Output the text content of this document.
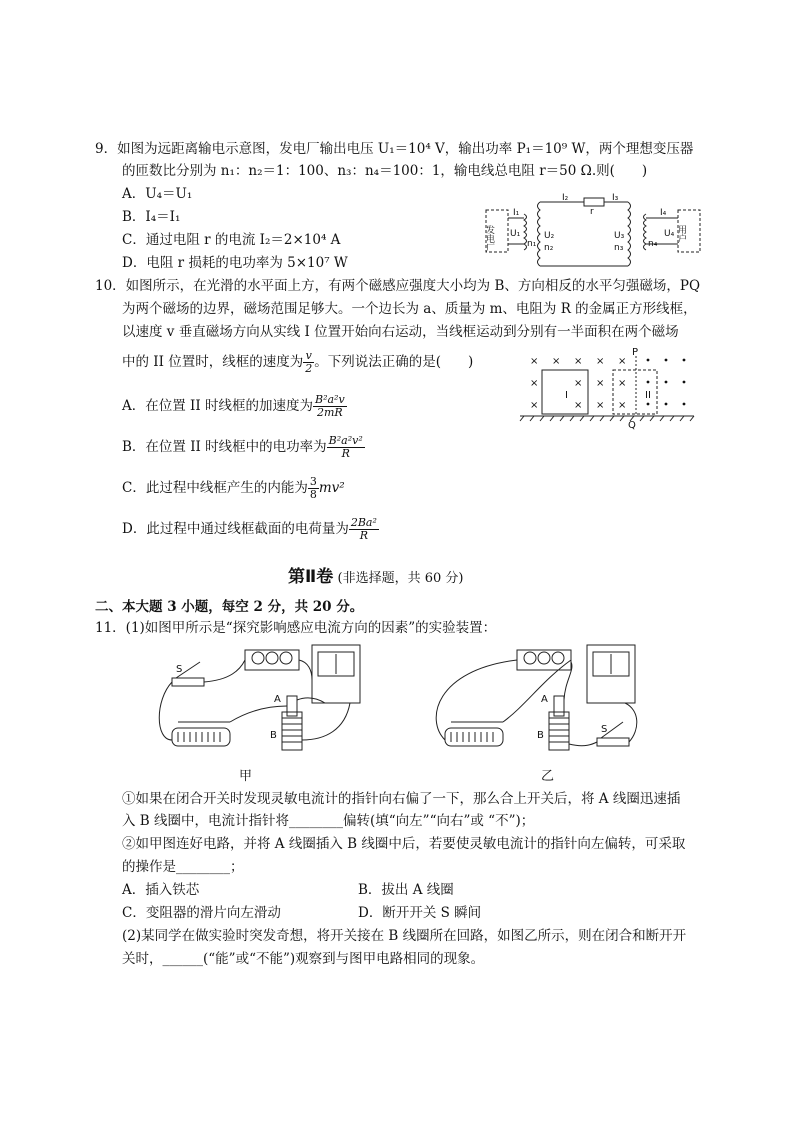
9．如图为远距离输电示意图，发电厂输出电压 U₁＝10⁴ V，输出功率 P₁＝10⁹ W，两个理想变压器
的匝数比分别为 n₁：n₂＝1：100、n₃：n₄＝100：1，输电线总电阻 r＝50 Ω.则(　　)
A．U₄＝U₁
B．I₄＝I₁
C．通过电阻 r 的电流 I₂＝2×10⁴ A
D．电阻 r 损耗的电功率为 5×10⁷ W
发电厂	用户
I₁
U₁
n₁
I₂
r
I₃
U₂
n₂
U₃
n₃	n₄
I₄
U₄
10．如图所示，在光滑的水平面上方，有两个磁感应强度大小均为 B、方向相反的水平匀强磁场，PQ
为两个磁场的边界，磁场范围足够大。一个边长为 a、质量为 m、电阻为 R 的金属正方形线框，
以速度 v 垂直磁场方向从实线 I 位置开始向右运动，当线框运动到分别有一半面积在两个磁场
中的 II 位置时，线框的速度为 $\frac{v}{2}$ 。下列说法正确的是(　　)
A．在位置 II 时线框的加速度为 $\frac{\text{B²a²v}}{2mR}$
B．在位置 II 时线框中的电功率为 $\frac{\text{B²a²v²}}{R}$
C．此过程中线框产生的内能为 $\frac{3}{8} mv^2$
D．此过程中通过线框截面的电荷量为 $\frac{\text{2Ba²}}{R}$
× × × × ×
×	× × ×
×	× × ×
P
Q
I	II
第Ⅱ卷 (非选择题，共 60 分)
二、本大题 3 小题，每空 2 分，共 20 分。
11．(1)如图甲所示是“探究影响感应电流方向的因素”的实验装置：
S
A
B
甲
A
B
S
乙
①如果在闭合开关时发现灵敏电流计的指针向右偏了一下，那么合上开关后，将 A 线圈迅速插
入 B 线圈中，电流计指针将________偏转(填“向左”“向右”或 “不”)；
②如甲图连好电路，并将 A 线圈插入 B 线圈中后，若要使灵敏电流计的指针向左偏转，可采取
的操作是________；
A．插入铁芯	B．拔出 A 线圈
C．变阻器的滑片向左滑动	D．断开开关 S 瞬间
(2)某同学在做实验时突发奇想，将开关接在 B 线圈所在回路，如图乙所示，则在闭合和断开开
关时，______(“能”或“不能”)观察到与图甲电路相同的现象。
